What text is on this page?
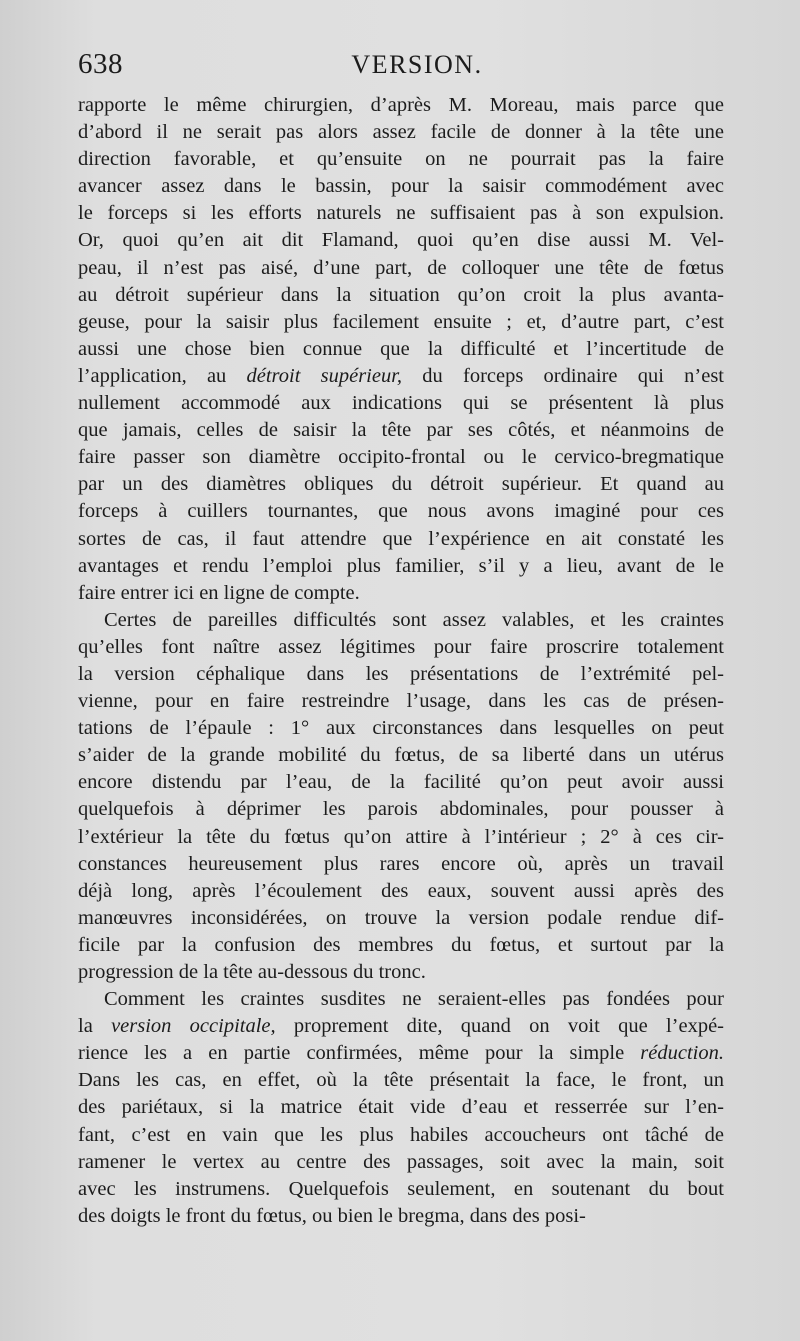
638	VERSION.
rapporte le même chirurgien, d’après M. Moreau, mais parce que
d’abord il ne serait pas alors assez facile de donner à la tête une
direction favorable, et qu’ensuite on ne pourrait pas la faire
avancer assez dans le bassin, pour la saisir commodément avec
le forceps si les efforts naturels ne suffisaient pas à son expulsion.
Or, quoi qu’en ait dit Flamand, quoi qu’en dise aussi M. Vel-
peau, il n’est pas aisé, d’une part, de colloquer une tête de fœtus
au détroit supérieur dans la situation qu’on croit la plus avanta-
geuse, pour la saisir plus facilement ensuite ; et, d’autre part, c’est
aussi une chose bien connue que la difficulté et l’incertitude de
l’application, au détroit supérieur, du forceps ordinaire qui n’est
nullement accommodé aux indications qui se présentent là plus
que jamais, celles de saisir la tête par ses côtés, et néanmoins de
faire passer son diamètre occipito-frontal ou le cervico-bregmatique
par un des diamètres obliques du détroit supérieur. Et quand au
forceps à cuillers tournantes, que nous avons imaginé pour ces
sortes de cas, il faut attendre que l’expérience en ait constaté les
avantages et rendu l’emploi plus familier, s’il y a lieu, avant de le
faire entrer ici en ligne de compte.
Certes de pareilles difficultés sont assez valables, et les craintes
qu’elles font naître assez légitimes pour faire proscrire totalement
la version céphalique dans les présentations de l’extrémité pel-
vienne, pour en faire restreindre l’usage, dans les cas de présen-
tations de l’épaule : 1° aux circonstances dans lesquelles on peut
s’aider de la grande mobilité du fœtus, de sa liberté dans un utérus
encore distendu par l’eau, de la facilité qu’on peut avoir aussi
quelquefois à déprimer les parois abdominales, pour pousser à
l’extérieur la tête du fœtus qu’on attire à l’intérieur ; 2° à ces cir-
constances heureusement plus rares encore où, après un travail
déjà long, après l’écoulement des eaux, souvent aussi après des
manœuvres inconsidérées, on trouve la version podale rendue dif-
ficile par la confusion des membres du fœtus, et surtout par la
progression de la tête au-dessous du tronc.
Comment les craintes susdites ne seraient-elles pas fondées pour
la version occipitale, proprement dite, quand on voit que l’expé-
rience les a en partie confirmées, même pour la simple réduction.
Dans les cas, en effet, où la tête présentait la face, le front, un
des pariétaux, si la matrice était vide d’eau et resserrée sur l’en-
fant, c’est en vain que les plus habiles accoucheurs ont tâché de
ramener le vertex au centre des passages, soit avec la main, soit
avec les instrumens. Quelquefois seulement, en soutenant du bout
des doigts le front du fœtus, ou bien le bregma, dans des posi-
